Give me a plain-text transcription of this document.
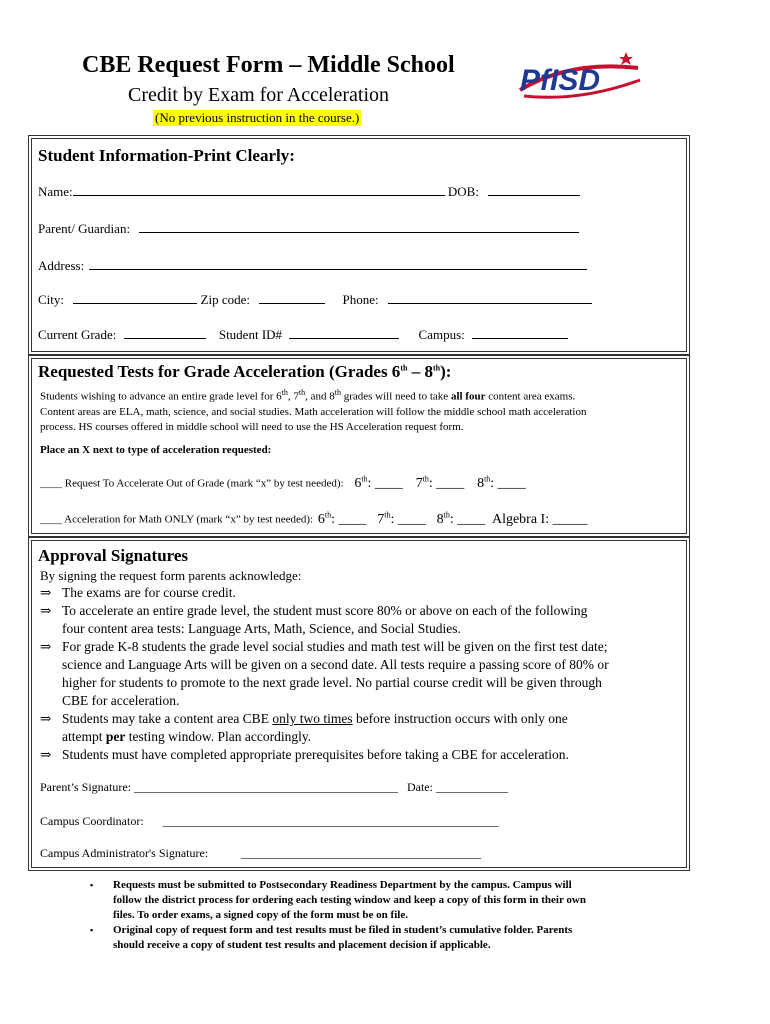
CBE Request Form – Middle School
Credit by Exam for Acceleration
(No previous instruction in the course.)
PfISD
Student Information-Print Clearly:
Name:	DOB:
Parent/ Guardian:
Address:
City:	Zip code:	Phone:
Current Grade:	Student ID#	Campus:
Requested Tests for Grade Acceleration (Grades 6th – 8th):
Students wishing to advance an entire grade level for 6th, 7th, and 8th grades will need to take all four content area exams.
Content areas are ELA, math, science, and social studies. Math acceleration will follow the middle school math acceleration
process. HS courses offered in middle school will need to use the HS Acceleration request form.
Place an X next to type of acceleration requested:
____ Request To Accelerate Out of Grade (mark “x” by test needed): 6th: ____ 7th: ____ 8th: ____
____ Acceleration for Math ONLY (mark “x” by test needed): 6th: ____ 7th: ____ 8th: ____ Algebra I: _____
Approval Signatures
By signing the request form parents acknowledge:
⇒ The exams are for course credit.
⇒ To accelerate an entire grade level, the student must score 80% or above on each of the following
four content area tests: Language Arts, Math, Science, and Social Studies.
⇒ For grade K-8 students the grade level social studies and math test will be given on the first test date;
science and Language Arts will be given on a second date. All tests require a passing score of 80% or
higher for students to promote to the next grade level. No partial course credit will be given through
CBE for acceleration.
⇒ Students may take a content area CBE only two times before instruction occurs with only one
attempt per testing window. Plan accordingly.
⇒ Students must have completed appropriate prerequisites before taking a CBE for acceleration.
Parent’s Signature: ____________________________________________ Date: ____________
Campus Coordinator: ________________________________________________________
Campus Administrator's Signature:	________________________________________
▪ Requests must be submitted to Postsecondary Readiness Department by the campus. Campus will
follow the district process for ordering each testing window and keep a copy of this form in their own
files. To order exams, a signed copy of the form must be on file.
▪ Original copy of request form and test results must be filed in student’s cumulative folder. Parents
should receive a copy of student test results and placement decision if applicable.
